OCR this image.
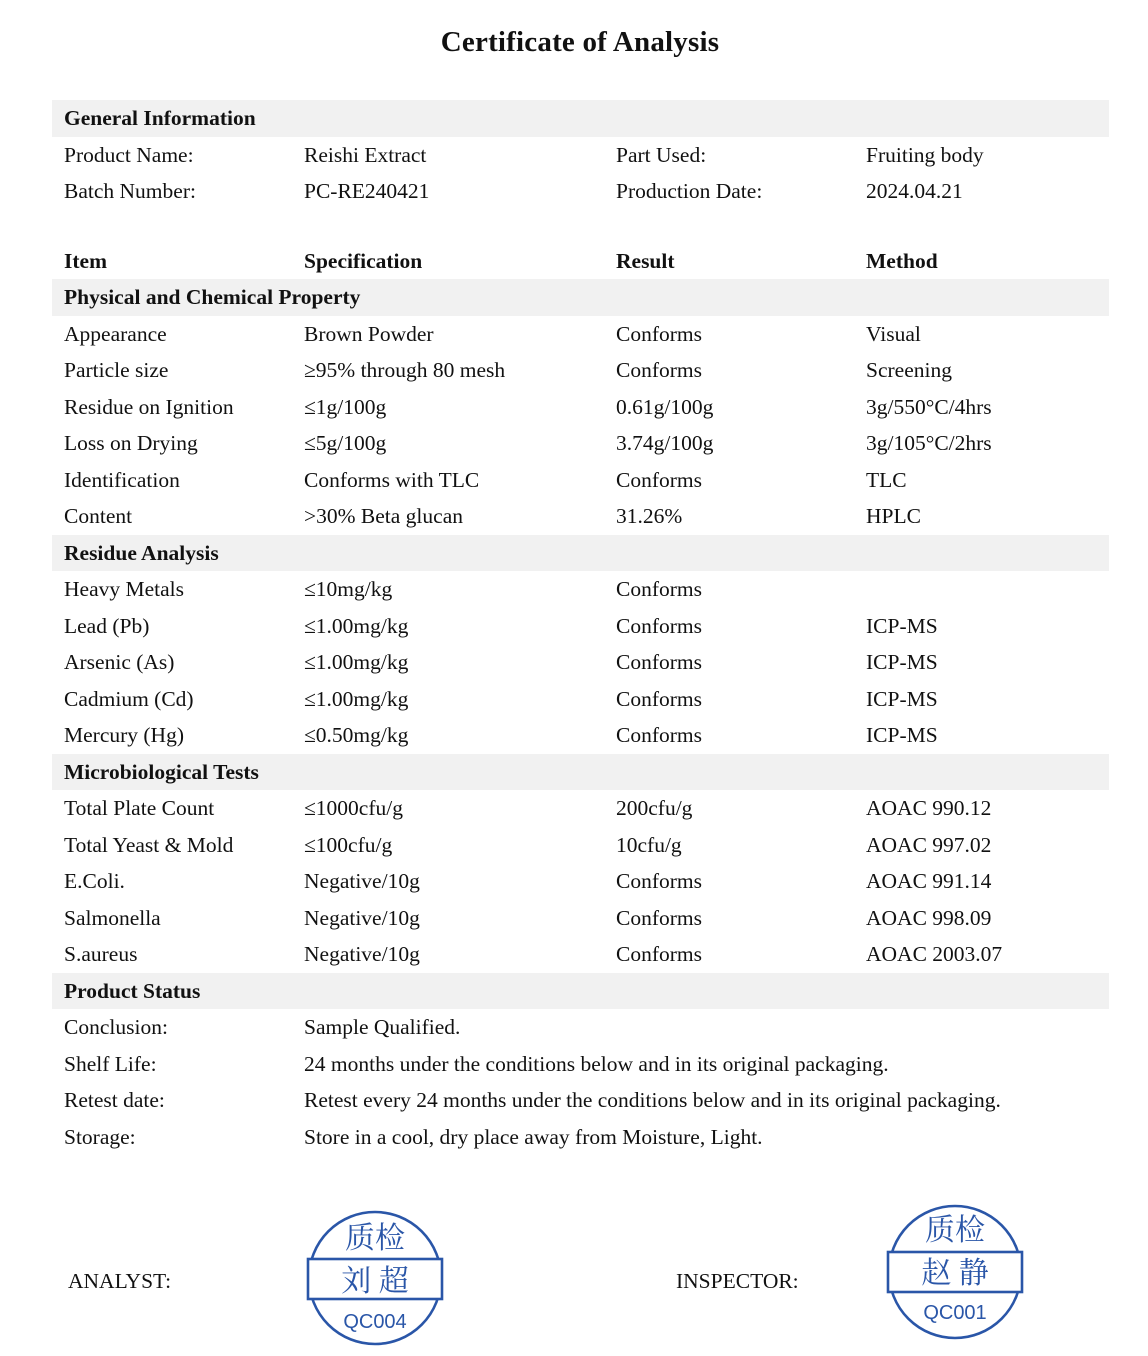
Certificate of Analysis
General Information
Product Name:	Reishi Extract	Part Used:	Fruiting body
Batch Number:	PC-RE240421	Production Date:	2024.04.21
Item	Specification	Result	Method
Physical and Chemical Property
Appearance	Brown Powder	Conforms	Visual
Particle size	≥95% through 80 mesh	Conforms	Screening
Residue on Ignition	≤1g/100g	0.61g/100g	3g/550°C/4hrs
Loss on Drying	≤5g/100g	3.74g/100g	3g/105°C/2hrs
Identification	Conforms with TLC	Conforms	TLC
Content	>30% Beta glucan	31.26%	HPLC
Residue Analysis
Heavy Metals	≤10mg/kg	Conforms
Lead (Pb)	≤1.00mg/kg	Conforms	ICP-MS
Arsenic (As)	≤1.00mg/kg	Conforms	ICP-MS
Cadmium (Cd)	≤1.00mg/kg	Conforms	ICP-MS
Mercury (Hg)	≤0.50mg/kg	Conforms	ICP-MS
Microbiological Tests
Total Plate Count	≤1000cfu/g	200cfu/g	AOAC 990.12
Total Yeast & Mold	≤100cfu/g	10cfu/g	AOAC 997.02
E.Coli.	Negative/10g	Conforms	AOAC 991.14
Salmonella	Negative/10g	Conforms	AOAC 998.09
S.aureus	Negative/10g	Conforms	AOAC 2003.07
Product Status
Conclusion:	Sample Qualified.
Shelf Life:	24 months under the conditions below and in its original packaging.
Retest date:	Retest every 24 months under the conditions below and in its original packaging.
Storage:	Store in a cool, dry place away from Moisture, Light.
ANALYST:	INSPECTOR:
质检
刘 超
QC004
质检
赵 静
QC001
